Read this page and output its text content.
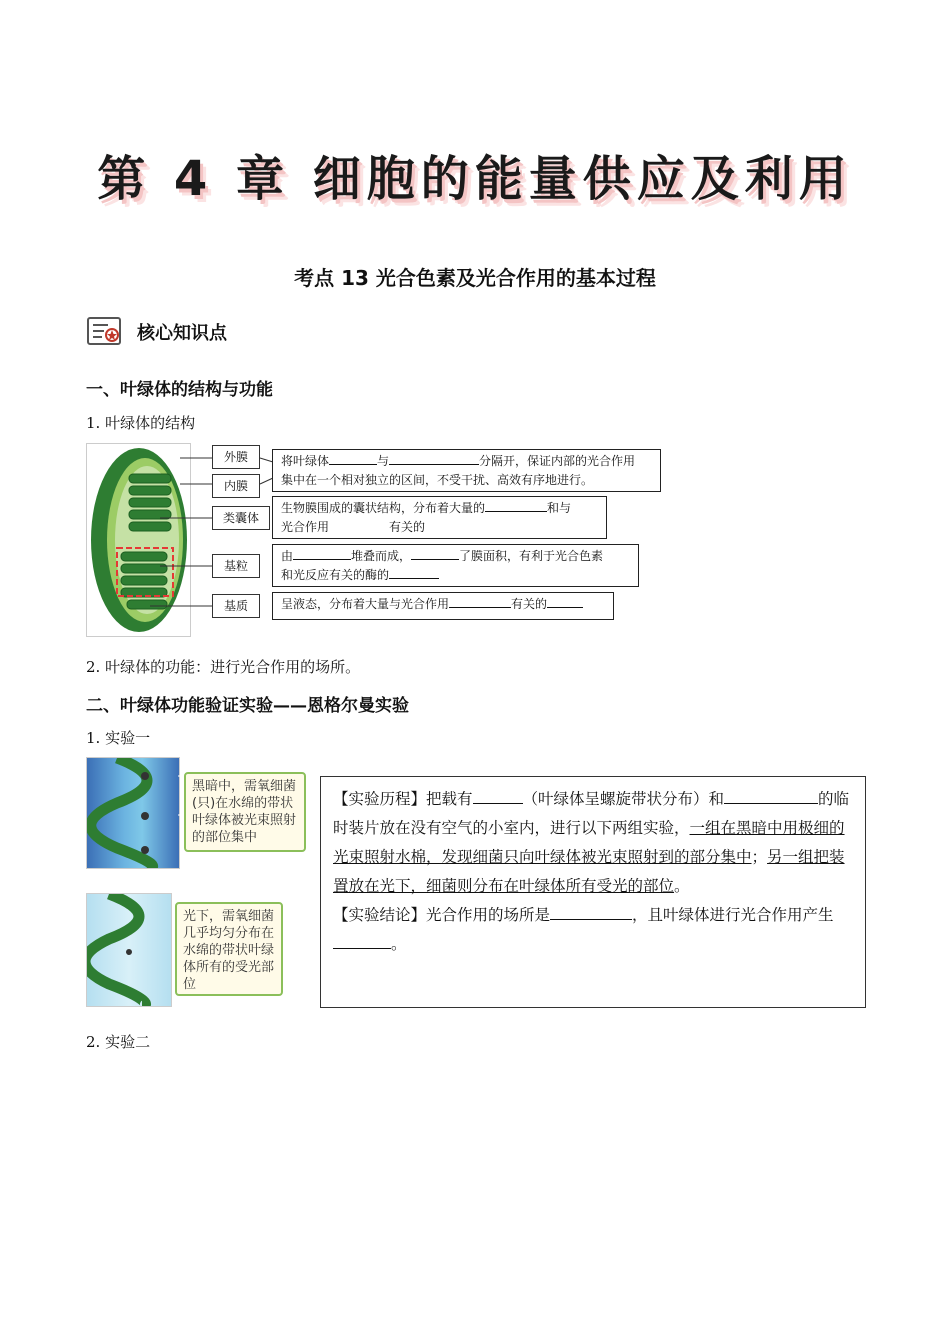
第 4 章 细胞的能量供应及利用
考点 13 光合色素及光合作用的基本过程
核心知识点
一、叶绿体的结构与功能
1. 叶绿体的结构
外膜
内膜
类囊体
基粒
基质
将叶绿体	与	分隔开，保证内部的光合作用
集中在一个相对独立的区间，不受干扰、高效有序地进行。
生物膜围成的囊状结构，分布着大量的	和与
光合作用	有关的
由	堆叠而成，	了膜面积，有利于光合色素
和光反应有关的酶的
呈液态，分布着大量与光合作用	有关的
2. 叶绿体的功能：进行光合作用的场所。
二、叶绿体功能验证实验——恩格尔曼实验
1. 实验一
黑暗中，需氧细菌(只)在水绵的带状叶绿体被光束照射的部位集中
光下，需氧细菌几乎均匀分布在水绵的带状叶绿体所有的受光部位
【实验历程】把载有	（叶绿体呈螺旋带状分布）和	的临时装片放在没有空气的小室内，进行以下两组实验，一组在黑暗中用极细的光束照射水棉，发现细菌只向叶绿体被光束照射到的部分集中；另一组把装置放在光下，细菌则分布在叶绿体所有受光的部位。
【实验结论】光合作用的场所是	，且叶绿体进行光合作用产生。
2. 实验二
